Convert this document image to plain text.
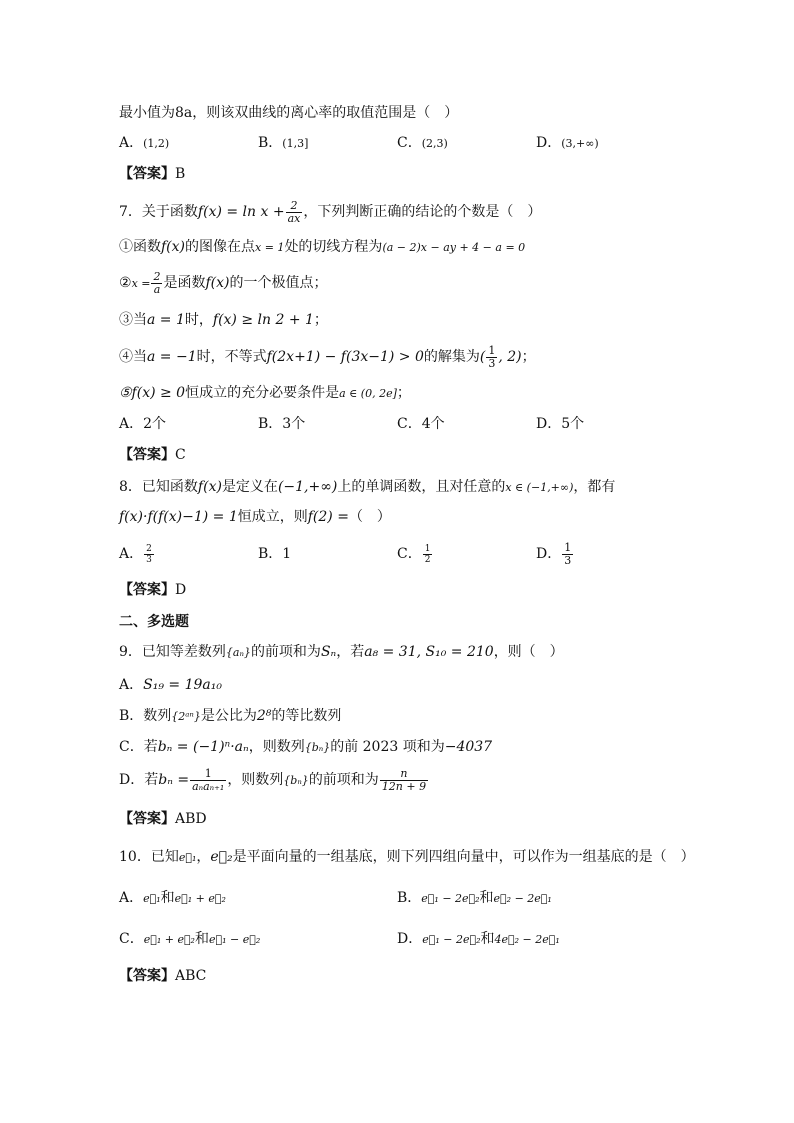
最小值为8a，则该双曲线的离心率的取值范围是（　）
A．(1,2)	B．(1,3]	C．(2,3)	D．(3,+∞)
【答案】B
7．关于函数$f(x) = \ln x + \frac{2}{ax}$ ，下列判断正确的结论的个数是（　）
①函数f(x)的图像在点x = 1处的切线方程为(a − 2)x − ay + 4 − a = 0
②x = $\frac{2}{a}$ 是函数f(x)的一个极值点；
③当a = 1时，f(x) ≥ ln 2 + 1；
④当a = −1时，不等式f(2x+1) − f(3x−1) > 0的解集为( $\frac{1}{3}$ , 2)；
⑤f(x) ≥ 0恒成立的充分必要条件是a ∈ (0, 2e]；
A．2个	B．3个	C．4个	D．5个
【答案】C
8．已知函数f(x)是定义在(−1,+∞)上的单调函数，且对任意的x ∈ (−1,+∞)，都有
f(x)·f(f(x)−1) = 1恒成立，则f(2) =（　）
A． $\frac{2}{3}$	B．1	C． $\frac{1}{2}$	D． $\frac{1}{3}$
【答案】D
二、多选题
9．已知等差数列{aₙ}的前项和为Sₙ，若a₈ = 31, S₁₀ = 210，则（　）
A．S₁₉ = 19a₁₀
B．数列{2ᵃⁿ}是公比为2⁸的等比数列
C．若bₙ = (−1)ⁿ·aₙ，则数列{bₙ}的前 2023 项和为−4037
D．若$b_n = \frac{1}{\text{aₙaₙ₊₁}}$ ，则数列{bₙ}的前项和为 $\frac{n}{12n + 9}$
【答案】ABD
10．已知e⃗₁，e⃗₂是平面向量的一组基底，则下列四组向量中，可以作为一组基底的是（　）
A．e⃗₁和e⃗₁ + e⃗₂	B．e⃗₁ − 2e⃗₂和e⃗₂ − 2e⃗₁
C．e⃗₁ + e⃗₂和e⃗₁ − e⃗₂	D．e⃗₁ − 2e⃗₂和4e⃗₂ − 2e⃗₁
【答案】ABC
